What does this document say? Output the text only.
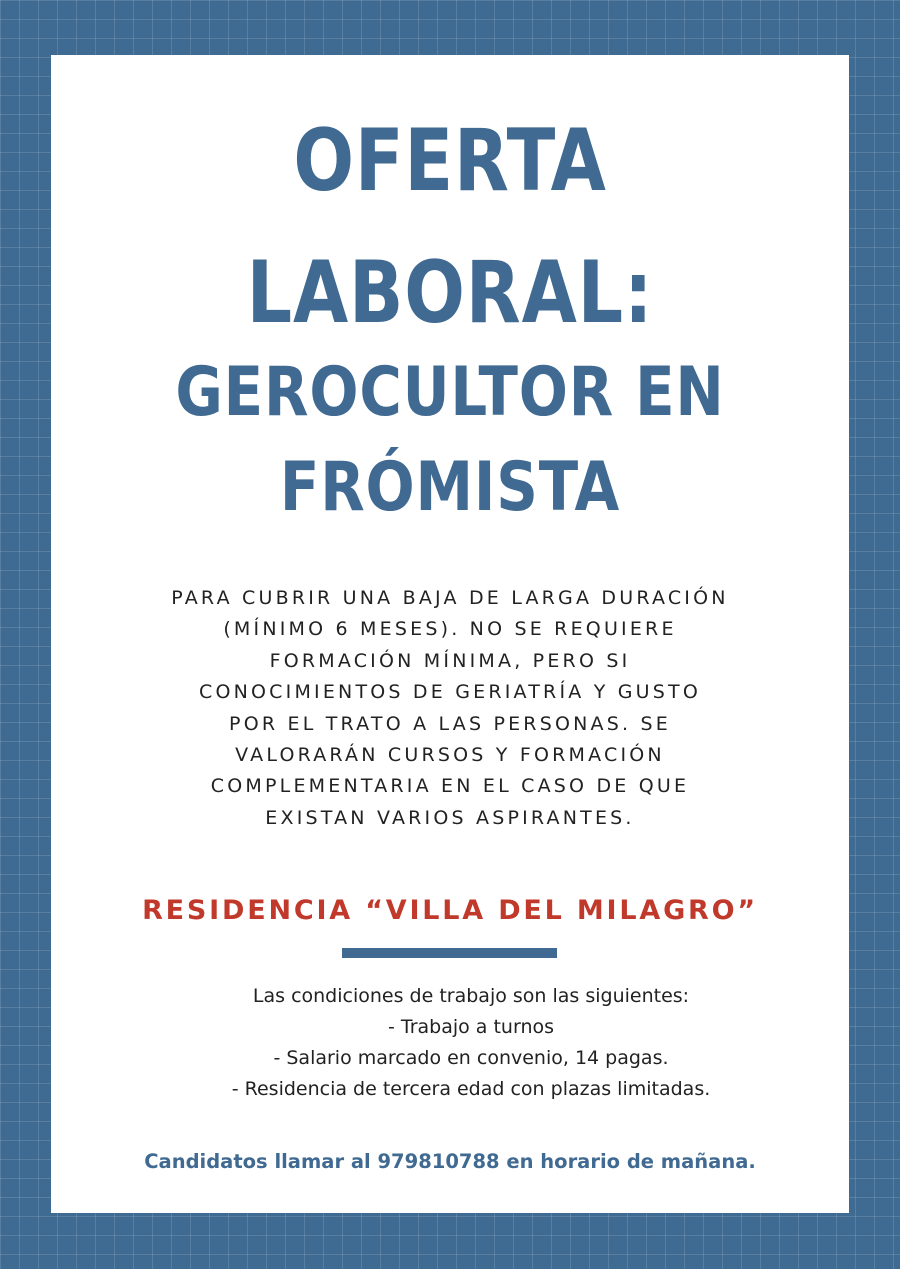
OFERTA
LABORAL:
GEROCULTOR EN
FRÓMISTA
PARA CUBRIR UNA BAJA DE LARGA DURACIÓN (MÍNIMO 6 MESES). NO SE REQUIERE FORMACIÓN MÍNIMA, PERO SI CONOCIMIENTOS DE GERIATRÍA Y GUSTO POR EL TRATO A LAS PERSONAS. SE VALORARÁN CURSOS Y FORMACIÓN COMPLEMENTARIA EN EL CASO DE QUE EXISTAN VARIOS ASPIRANTES.
RESIDENCIA “VILLA DEL MILAGRO”
Las condiciones de trabajo son las siguientes:
- Trabajo a turnos
- Salario marcado en convenio, 14 pagas.
- Residencia de tercera edad con plazas limitadas.
Candidatos llamar al 979810788 en horario de mañana.
